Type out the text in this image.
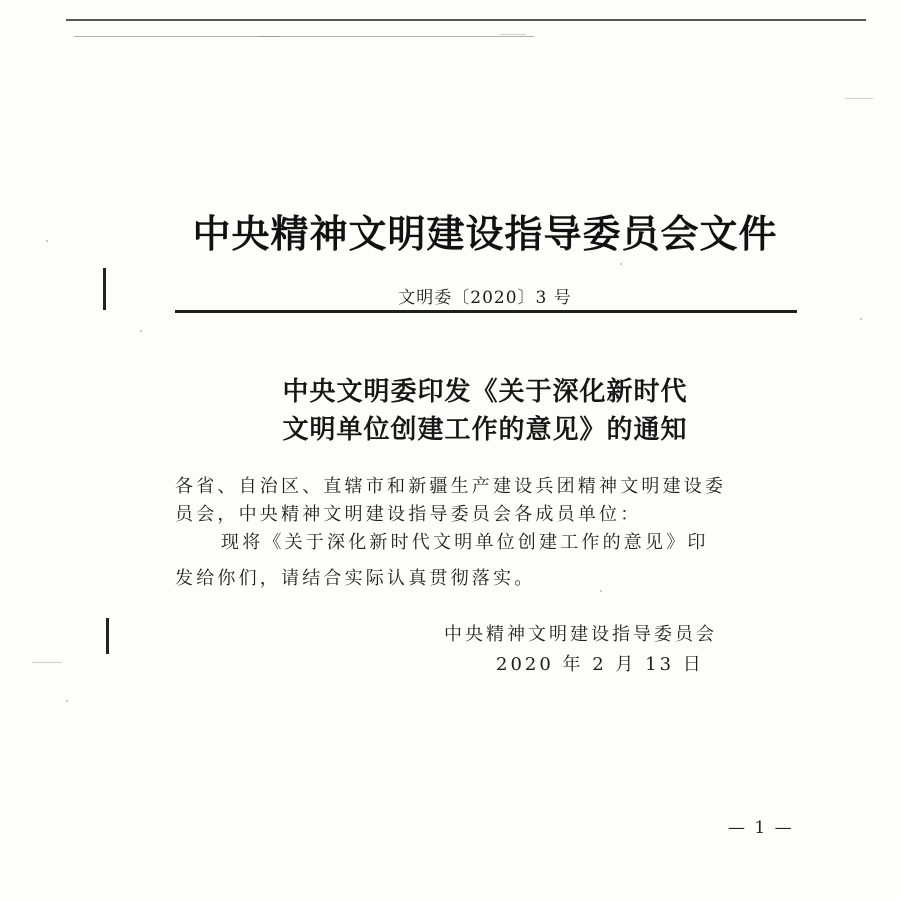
中央精神文明建设指导委员会文件
文明委〔2020〕3 号
中央文明委印发《关于深化新时代
文明单位创建工作的意见》的通知
各省、自治区、直辖市和新疆生产建设兵团精神文明建设委
员会，中央精神文明建设指导委员会各成员单位：
现将《关于深化新时代文明单位创建工作的意见》印
发给你们，请结合实际认真贯彻落实。
中央精神文明建设指导委员会
2020 年 2 月 13 日
— 1 —
